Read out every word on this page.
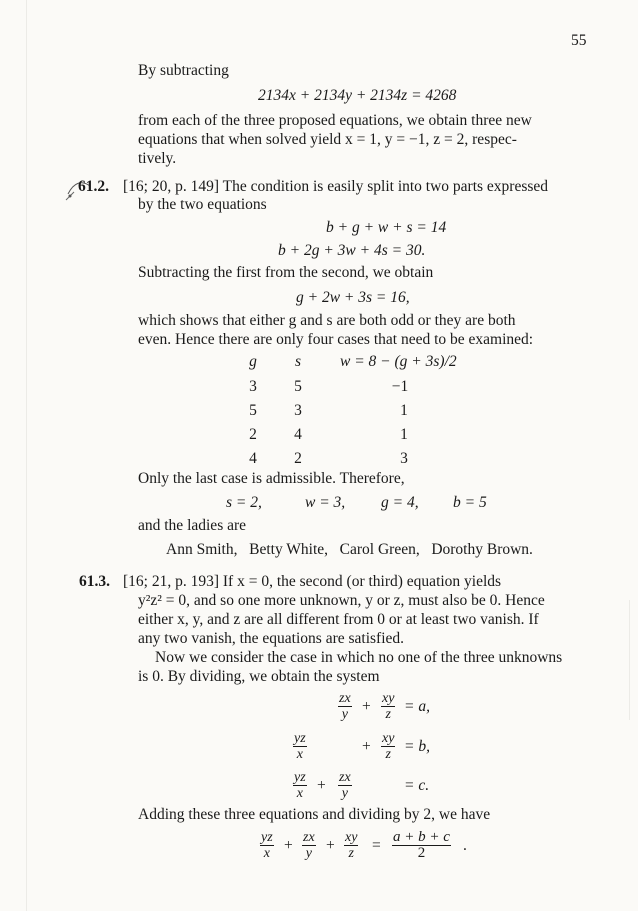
55
By subtracting
2134x + 2134y + 2134z = 4268
from each of the three proposed equations, we obtain three new
equations that when solved yield x = 1, y = −1, z = 2, respec-
tively.
61.2. [16; 20, p. 149] The condition is easily split into two parts expressed
by the two equations
b + g + w + s = 14
b + 2g + 3w + 4s = 30.
Subtracting the first from the second, we obtain
g + 2w + 3s = 16,
which shows that either g and s are both odd or they are both
even. Hence there are only four cases that need to be examined:
g	s	w = 8 − (g + 3s)/2
3	5	−1
5	3	1
2	4	1
4	2	3
Only the last case is admissible. Therefore,
s = 2,	w = 3, g = 4, b = 5
and the ladies are
Ann Smith,   Betty White,   Carol Green,   Dorothy Brown.
61.3. [16; 21, p. 193] If x = 0, the second (or third) equation yields
y²z² = 0, and so one more unknown, y or z, must also be 0. Hence
either x, y, and z are all different from 0 or at least two vanish. If
any two vanish, the equations are satisfied.
Now we consider the case in which no one of the three unknowns
is 0. By dividing, we obtain the system
$\frac{zx}{y} + \frac{xy}{z} = a$,
$\frac{yz}{x}$	+ $\frac{xy}{z} = b$,
$\frac{yz}{x} + \frac{zx}{y}$	= c.
Adding these three equations and dividing by 2, we have
$\frac{yz}{x} + \frac{zx}{y} + \frac{xy}{z} = \frac{a + b + c}{2}$ .
